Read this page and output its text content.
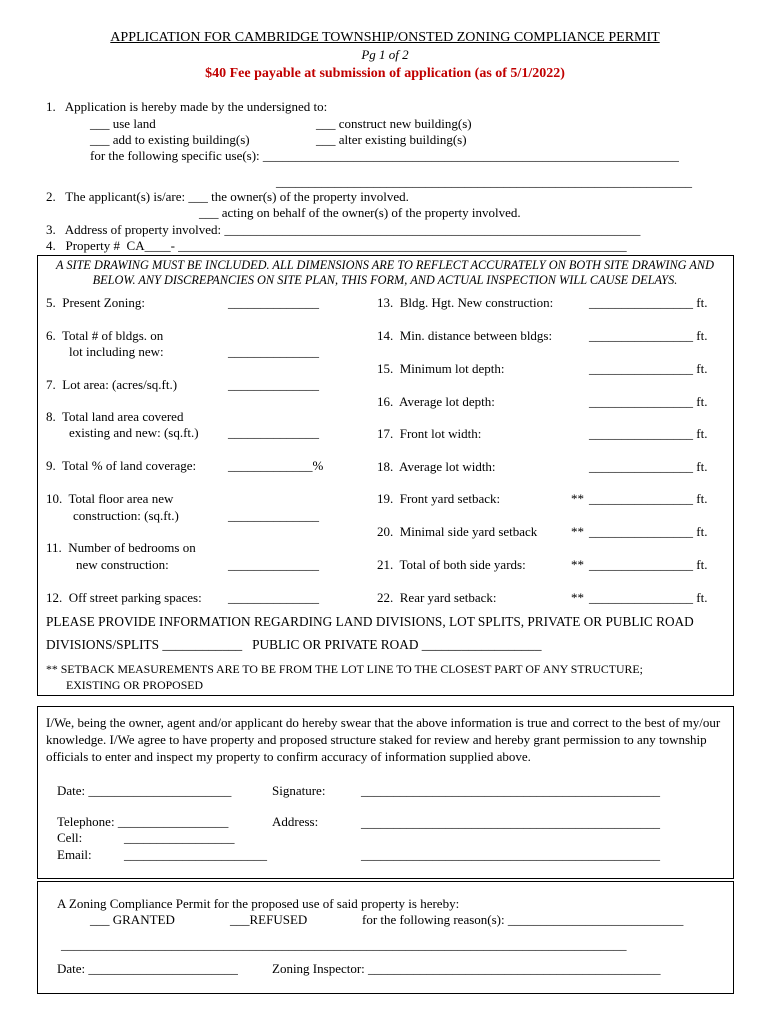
APPLICATION FOR CAMBRIDGE TOWNSHIP/ONSTED ZONING COMPLIANCE PERMIT
Pg 1 of 2
$40 Fee payable at submission of application (as of 5/1/2022)
1.   Application is hereby made by the undersigned to:
___ use land	___ construct new building(s)
___ add to existing building(s)	___ alter existing building(s)
for the following specific use(s): ________________________________________________________________
________________________________________________________________
2.   The applicant(s) is/are: ___ the owner(s) of the property involved.
___ acting on behalf of the owner(s) of the property involved.
3.   Address of property involved: ________________________________________________________________
4.   Property #  CA____- _____________________________________________________________________
A SITE DRAWING MUST BE INCLUDED. ALL DIMENSIONS ARE TO REFLECT ACCURATELY ON BOTH SITE DRAWING AND BELOW. ANY DISCREPANCIES ON SITE PLAN, THIS FORM, AND ACTUAL INSPECTION WILL CAUSE DELAYS.
5.  Present Zoning:	______________
6.  Total # of bldgs. on
lot including new:	______________
7.  Lot area: (acres/sq.ft.)	______________
8.  Total land area covered
existing and new: (sq.ft.) ______________
9.  Total % of land coverage: _____________%
10.  Total floor area new
construction: (sq.ft.)	______________
11.  Number of bedrooms on
new construction:	______________
12.  Off street parking spaces: ______________
13.  Bldg. Hgt. New construction:	________________ ft.
14.  Min. distance between bldgs:	________________ ft.
15.  Minimum lot depth:	________________ ft.
16.  Average lot depth:	________________ ft.
17.  Front lot width:	________________ ft.
18.  Average lot width:	________________ ft.
19.  Front yard setback:	** ________________ ft.
20.  Minimal side yard setback	** ________________ ft.
21.  Total of both side yards:	** ________________ ft.
22.  Rear yard setback:	** ________________ ft.
PLEASE PROVIDE INFORMATION REGARDING LAND DIVISIONS, LOT SPLITS, PRIVATE OR PUBLIC ROAD
DIVISIONS/SPLITS ____________   PUBLIC OR PRIVATE ROAD __________________
** SETBACK MEASUREMENTS ARE TO BE FROM THE LOT LINE TO THE CLOSEST PART OF ANY STRUCTURE;
EXISTING OR PROPOSED
I/We, being the owner, agent and/or applicant do hereby swear that the above information is true and correct to the best of my/our knowledge. I/We agree to have property and proposed structure staked for review and hereby grant permission to any township officials to enter and inspect my property to confirm accuracy of information supplied above.
Date: ______________________	Signature:	______________________________________________
Telephone: _________________	Address:	______________________________________________
Cell:	_________________
Email: ______________________	______________________________________________
A Zoning Compliance Permit for the proposed use of said property is hereby:
___ GRANTED	___REFUSED	for the following reason(s): ___________________________
_______________________________________________________________________________________
Date: _______________________	Zoning Inspector: _____________________________________________
